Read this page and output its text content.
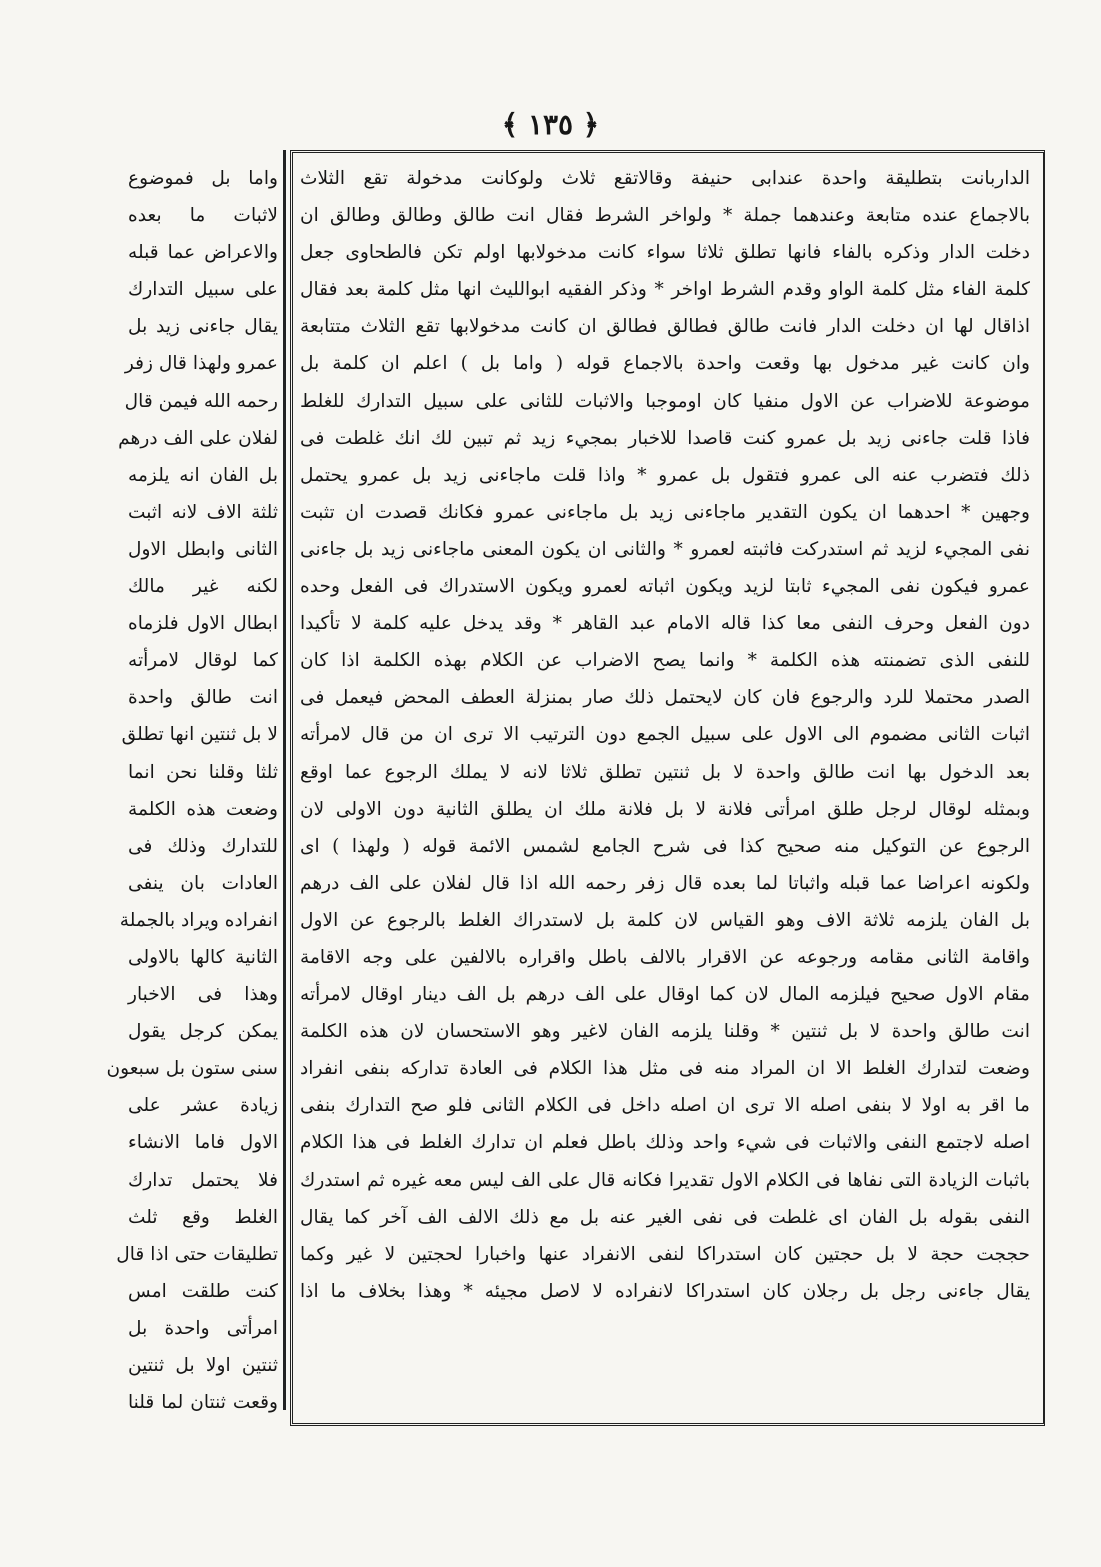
﴿ ١٣٥ ﴾
الداربانت بتطليقة واحدة عندابى حنيفة وقالاتقع ثلاث ولوكانت مدخولة تقع الثلاث
بالاجماع عنده متابعة وعندهما جملة * ولواخر الشرط فقال انت طالق وطالق وطالق ان
دخلت الدار وذكره بالفاء فانها تطلق ثلاثا سواء كانت مدخولابها اولم تكن فالطحاوى جعل
كلمة الفاء مثل كلمة الواو وقدم الشرط اواخر * وذكر الفقيه ابوالليث انها مثل كلمة بعد فقال
اذاقال لها ان دخلت الدار فانت طالق فطالق فطالق ان كانت مدخولابها تقع الثلاث متتابعة
وان كانت غير مدخول بها وقعت واحدة بالاجماع قوله ( واما بل ) اعلم ان كلمة بل
موضوعة للاضراب عن الاول منفيا كان اوموجبا والاثبات للثانى على سبيل التدارك للغلط
فاذا قلت جاءنى زيد بل عمرو كنت قاصدا للاخبار بمجيء زيد ثم تبين لك انك غلطت فى
ذلك فتضرب عنه الى عمرو فتقول بل عمرو * واذا قلت ماجاءنى زيد بل عمرو يحتمل
وجهين * احدهما ان يكون التقدير ماجاءنى زيد بل ماجاءنى عمرو فكانك قصدت ان تثبت
نفى المجيء لزيد ثم استدركت فاثبته لعمرو * والثانى ان يكون المعنى ماجاءنى زيد بل جاءنى
عمرو فيكون نفى المجيء ثابتا لزيد ويكون اثباته لعمرو ويكون الاستدراك فى الفعل وحده
دون الفعل وحرف النفى معا كذا قاله الامام عبد القاهر * وقد يدخل عليه كلمة لا تأكيدا
للنفى الذى تضمنته هذه الكلمة * وانما يصح الاضراب عن الكلام بهذه الكلمة اذا كان
الصدر محتملا للرد والرجوع فان كان لايحتمل ذلك صار بمنزلة العطف المحض فيعمل فى
اثبات الثانى مضموم الى الاول على سبيل الجمع دون الترتيب الا ترى ان من قال لامرأته
بعد الدخول بها انت طالق واحدة لا بل ثنتين تطلق ثلاثا لانه لا يملك الرجوع عما اوقع
وبمثله لوقال لرجل طلق امرأتى فلانة لا بل فلانة ملك ان يطلق الثانية دون الاولى لان
الرجوع عن التوكيل منه صحيح كذا فى شرح الجامع لشمس الائمة قوله ( ولهذا ) اى
ولكونه اعراضا عما قبله واثباتا لما بعده قال زفر رحمه الله اذا قال لفلان على الف درهم
بل الفان يلزمه ثلاثة الاف وهو القياس لان كلمة بل لاستدراك الغلط بالرجوع عن الاول
واقامة الثانى مقامه ورجوعه عن الاقرار بالالف باطل واقراره بالالفين على وجه الاقامة
مقام الاول صحيح فيلزمه المال لان كما اوقال على الف درهم بل الف دينار اوقال لامرأته
انت طالق واحدة لا بل ثنتين * وقلنا يلزمه الفان لاغير وهو الاستحسان لان هذه الكلمة
وضعت لتدارك الغلط الا ان المراد منه فى مثل هذا الكلام فى العادة تداركه بنفى انفراد
ما اقر به اولا لا بنفى اصله الا ترى ان اصله داخل فى الكلام الثانى فلو صح التدارك بنفى
اصله لاجتمع النفى والاثبات فى شيء واحد وذلك باطل فعلم ان تدارك الغلط فى هذا الكلام
باثبات الزيادة التى نفاها فى الكلام الاول تقديرا فكانه قال على الف ليس معه غيره ثم استدرك
النفى بقوله بل الفان اى غلطت فى نفى الغير عنه بل مع ذلك الالف الف آخر كما يقال
حججت حجة لا بل حجتين كان استدراكا لنفى الانفراد عنها واخبارا لحجتين لا غير وكما
يقال جاءنى رجل بل رجلان كان استدراكا لانفراده لا لاصل مجيئه * وهذا بخلاف ما اذا
واما بل فموضوع
لاثبات ما بعده
والاعراض عما قبله
على سبيل التدارك
يقال جاءنى زيد بل
عمرو ولهذا قال زفر
رحمه الله فيمن قال
لفلان على الف درهم
بل الفان انه يلزمه
ثلثة الاف لانه اثبت
الثانى وابطل الاول
لكنه غير مالك
ابطال الاول فلزماه
كما لوقال لامرأته
انت طالق واحدة
لا بل ثنتين انها تطلق
ثلثا وقلنا نحن انما
وضعت هذه الكلمة
للتدارك وذلك فى
العادات بان ينفى
انفراده ويراد بالجملة
الثانية كالها بالاولى
وهذا فى الاخبار
يمكن كرجل يقول
سنى ستون بل سبعون
زيادة عشر على
الاول فاما الانشاء
فلا يحتمل تدارك
الغلط وقع ثلث
تطليقات حتى اذا قال
كنت طلقت امس
امرأتى واحدة بل
ثنتين اولا بل ثنتين
وقعت ثنتان لما قلنا
